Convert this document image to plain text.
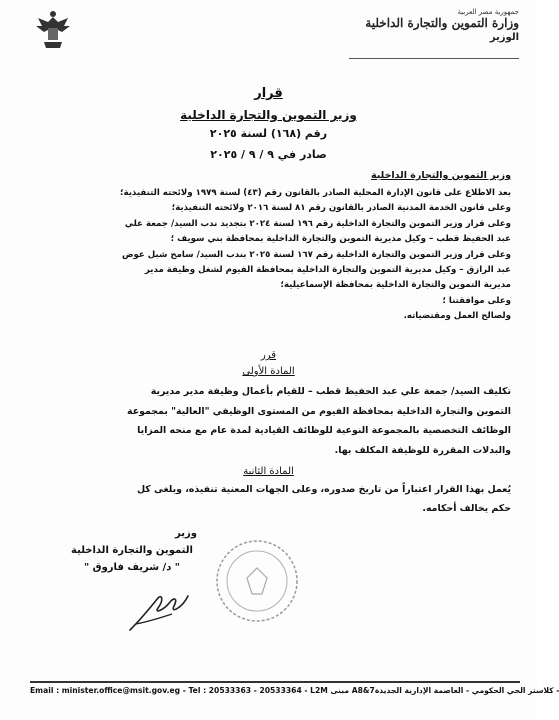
جمهورية مصر العربية
وزارة التموين والتجارة الداخلية
الوزير
قرار
وزير التموين والتجارة الداخلية
رقم (١٦٨) لسنة ٢٠٢٥
صادر في ٩ / ٩ / ٢٠٢٥
وزير التموين والتجارة الداخلية
بعد الاطلاع على قانون الإدارة المحلية الصادر بالقانون رقم (٤٣) لسنة ١٩٧٩ ولائحته التنفيذية؛
وعلى قانون الخدمة المدنية الصادر بالقانون رقم ٨١ لسنة ٢٠١٦ ولائحته التنفيذية؛
وعلى قرار وزير التموين والتجارة الداخلية رقم ١٩٦ لسنة ٢٠٢٤ بتجديد ندب السيد/ جمعة علي
عبد الحفيظ قطب – وكيل مديرية التموين والتجارة الداخلية بمحافظة بني سويف ؛
وعلى قرار وزير التموين والتجارة الداخلية رقم ١٦٧ لسنة ٢٠٢٥ بندب السيد/ سامح شبل عوض
عبد الرازق – وكيل مديرية التموين والتجارة الداخلية بمحافظة الفيوم لشغل وظيفة مدير
مديرية التموين والتجارة الداخلية بمحافظة الإسماعيلية؛
وعلى موافقتنا ؛
ولصالح العمل ومقتضياته.
قرر
المادة الأولى
تكليف السيد/ جمعة علي عبد الحفيظ قطب – للقيام بأعمال وظيفة مدير مديرية
التموين والتجارة الداخلية بمحافظة الفيوم من المستوى الوظيفي "العالية" بمجموعة
الوظائف التخصصية بالمجموعة النوعية للوظائف القيادية لمدة عام مع منحه المزايا
والبدلات المقررة للوظيفة المكلف بها.
المادة الثانية
يُعمل بهذا القرار اعتباراً من تاريخ صدوره، وعلى الجهات المعنية تنفيذه، ويلغى كل
حكم يخالف أحكامه.
وزير
التموين والتجارة الداخلية
" د/ شريف فاروق "
Email : minister.office@msit.gov.eg - Tel : 20533363 - 20533364 - L2M مبنى A8&7 - كلاستر الحي الحكومي - العاصمة الإدارية الجديدة
